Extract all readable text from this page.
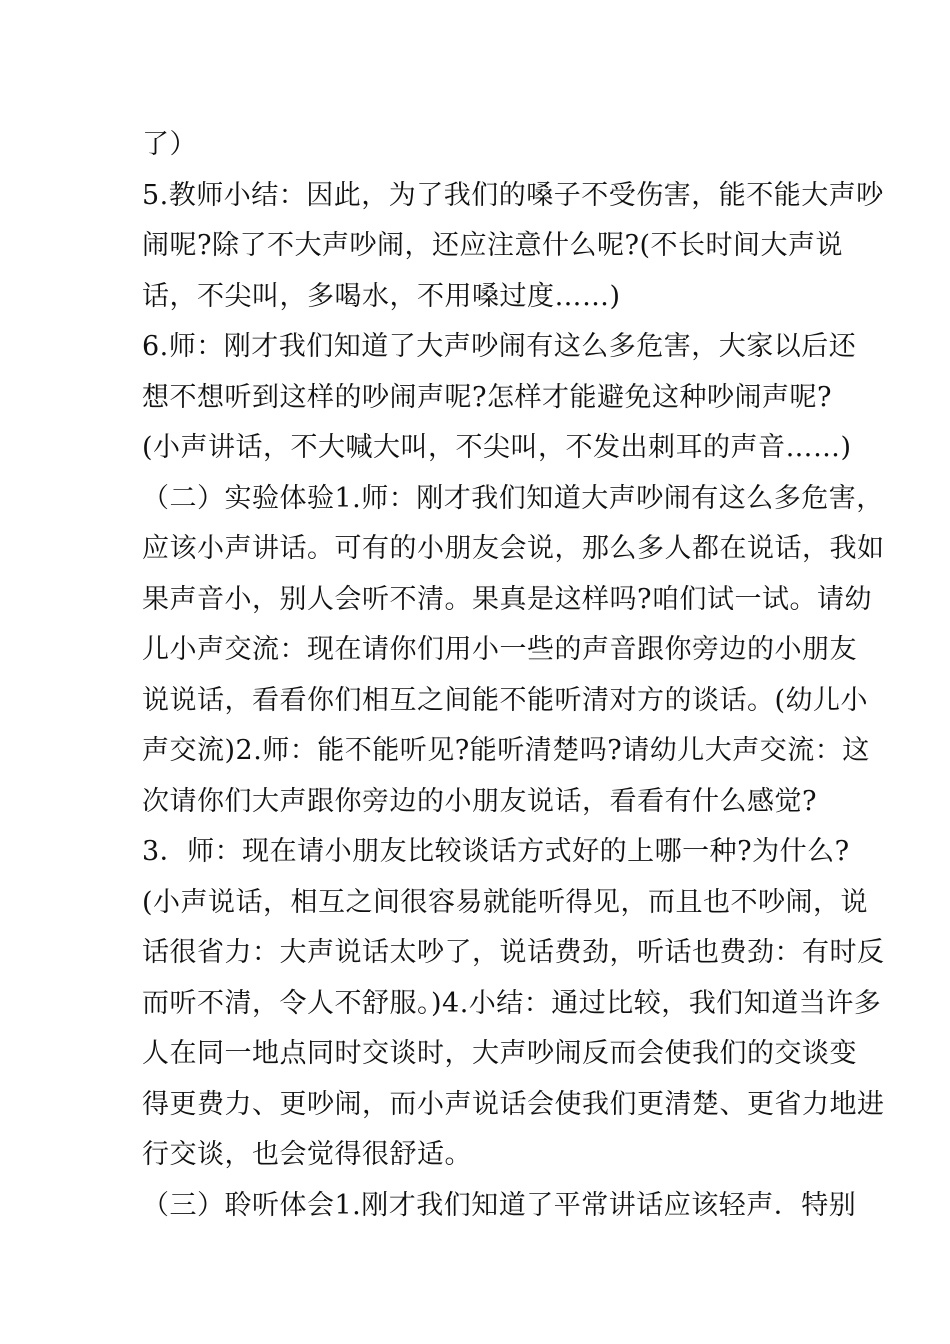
了）
5.教师小结：因此，为了我们的嗓子不受伤害，能不能大声吵
闹呢?除了不大声吵闹，还应注意什么呢?(不长时间大声说
话，不尖叫，多喝水，不用嗓过度……)
6.师：刚才我们知道了大声吵闹有这么多危害，大家以后还
想不想听到这样的吵闹声呢?怎样才能避免这种吵闹声呢?
(小声讲话，不大喊大叫，不尖叫，不发出刺耳的声音……)
（二）实验体验1.师：刚才我们知道大声吵闹有这么多危害，
应该小声讲话。可有的小朋友会说，那么多人都在说话，我如
果声音小，别人会听不清。果真是这样吗?咱们试一试。请幼
儿小声交流：现在请你们用小一些的声音跟你旁边的小朋友
说说话，看看你们相互之间能不能听清对方的谈话。(幼儿小
声交流)2.师：能不能听见?能听清楚吗?请幼儿大声交流：这
次请你们大声跟你旁边的小朋友说话，看看有什么感觉?
3．师：现在请小朋友比较谈话方式好的上哪一种?为什么?
(小声说话，相互之间很容易就能听得见，而且也不吵闹，说
话很省力：大声说话太吵了，说话费劲，听话也费劲：有时反
而听不清，令人不舒服。)4.小结：通过比较，我们知道当许多
人在同一地点同时交谈时，大声吵闹反而会使我们的交谈变
得更费力、更吵闹，而小声说话会使我们更清楚、更省力地进
行交谈，也会觉得很舒适。
（三）聆听体会1.刚才我们知道了平常讲话应该轻声．特别
